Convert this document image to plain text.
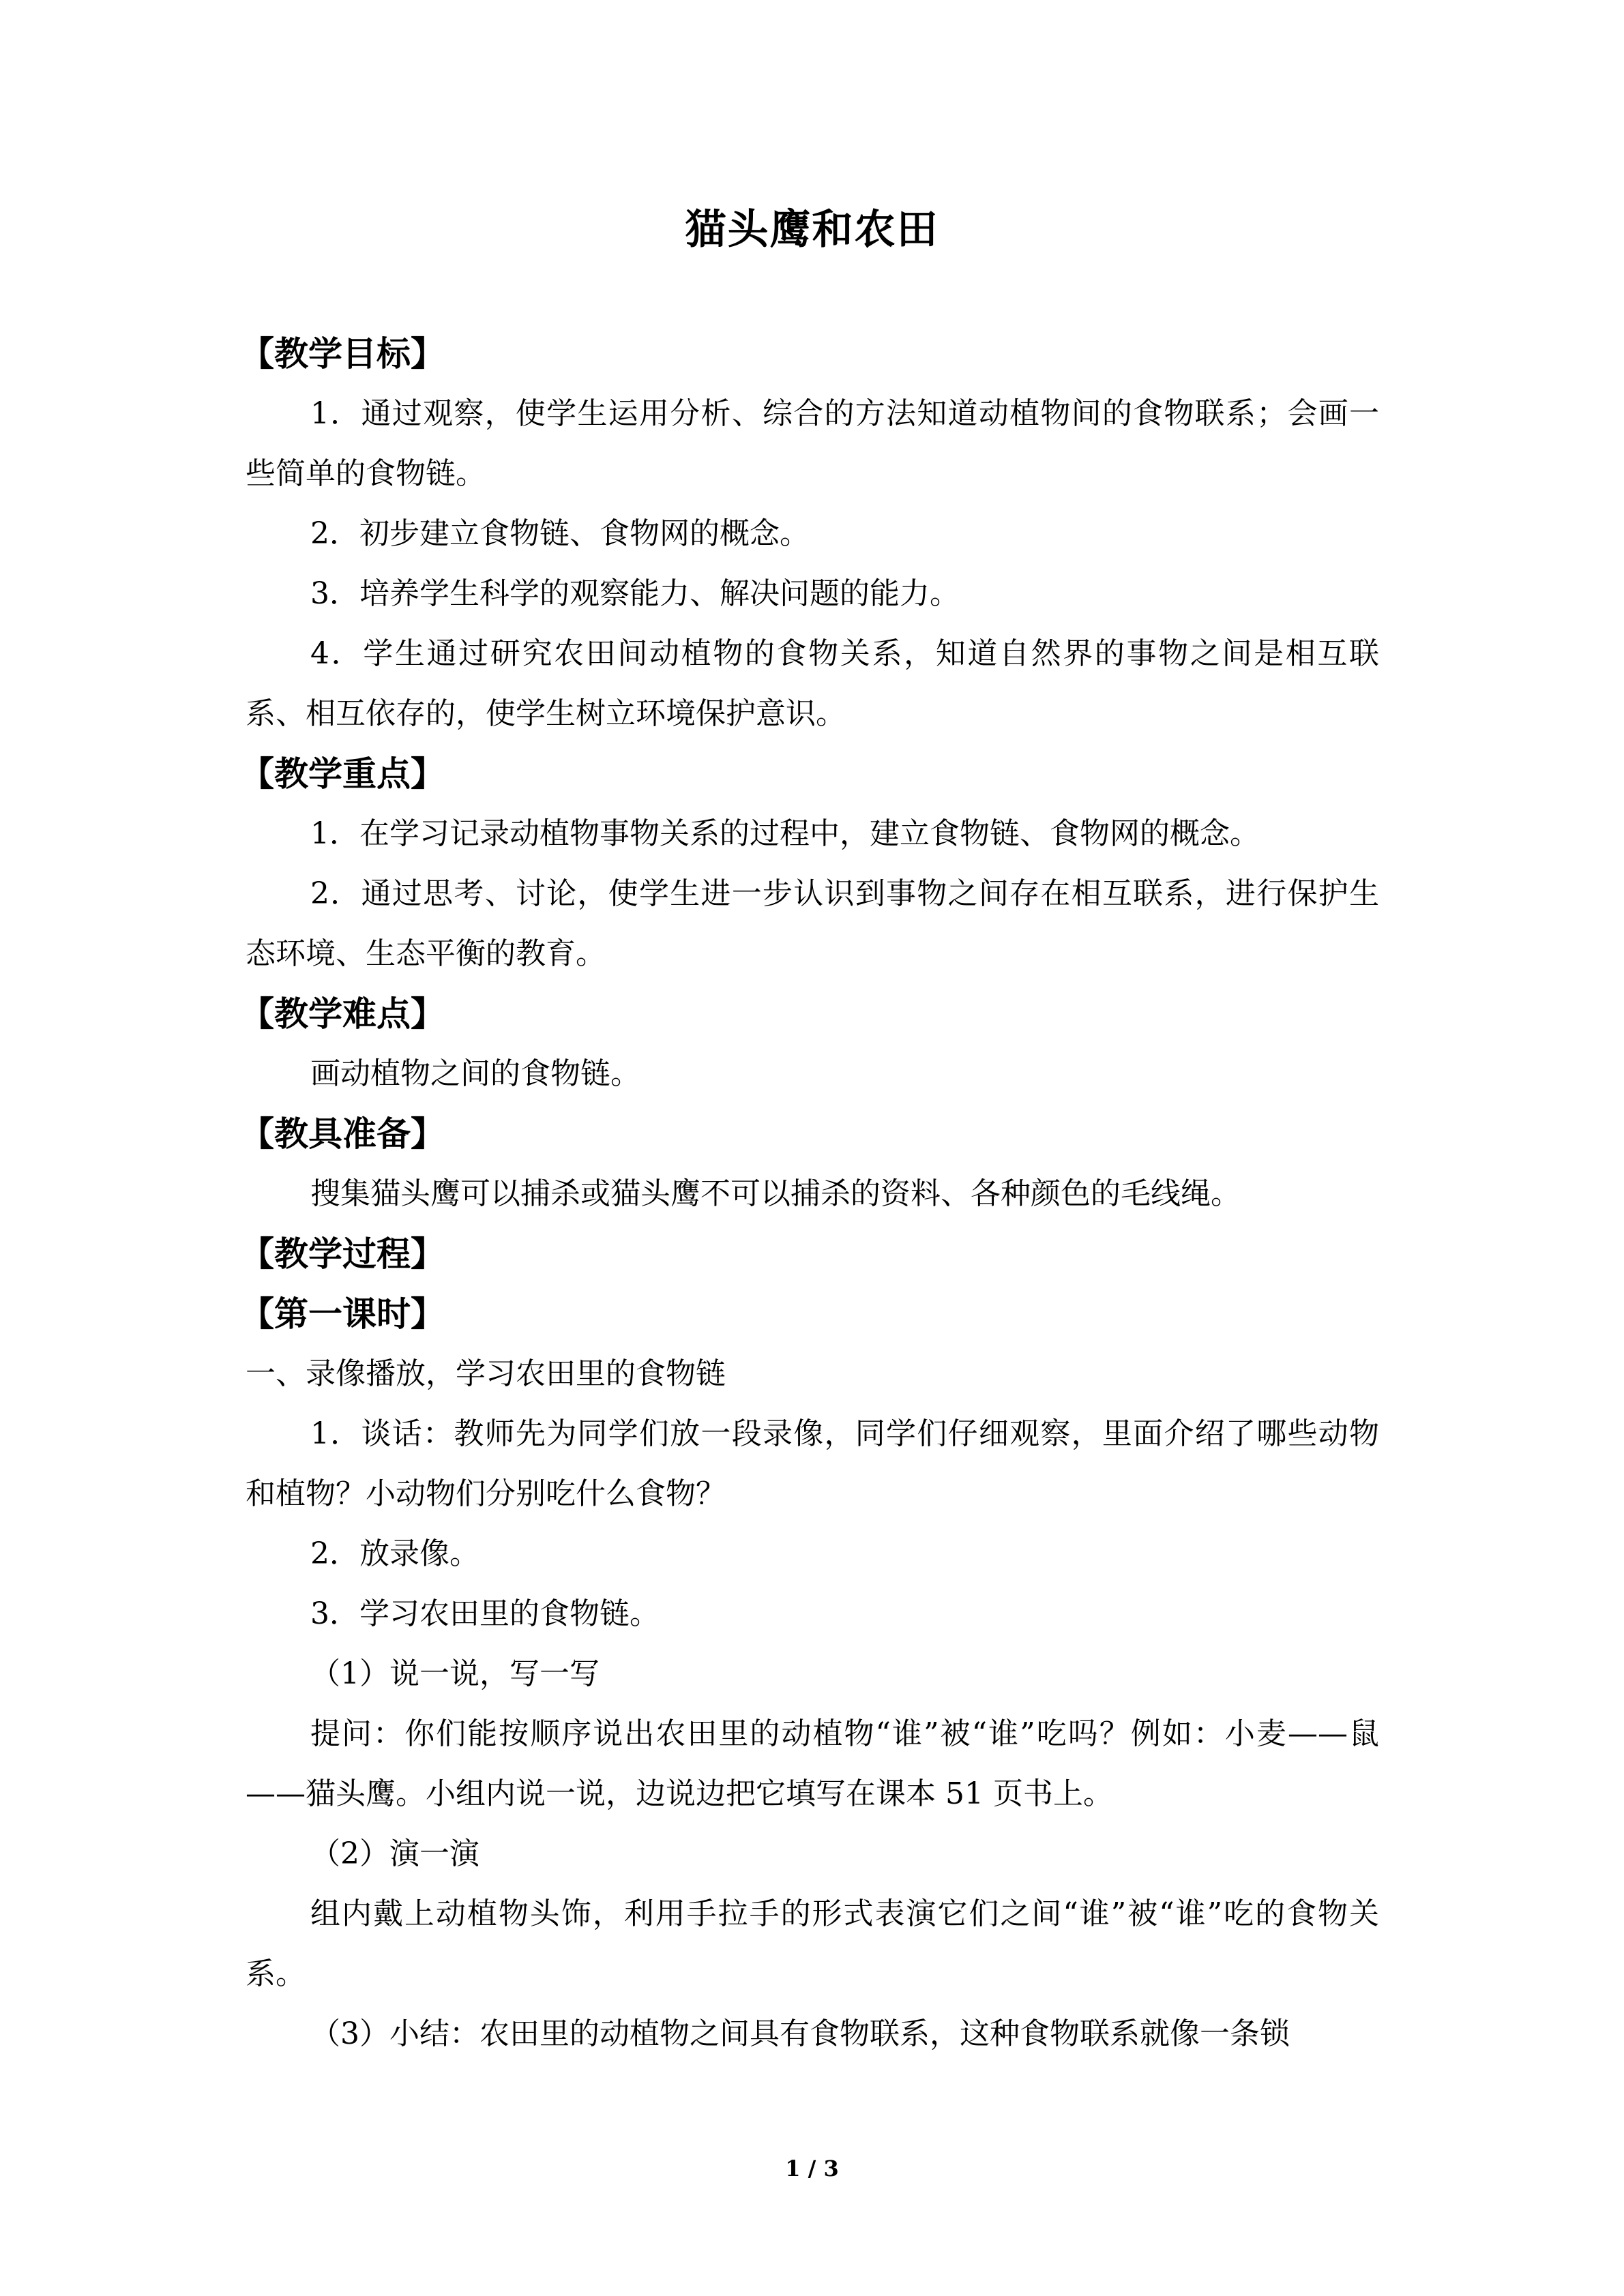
猫头鹰和农田
【教学目标】

1．通过观察，使学生运用分析、综合的方法知道动植物间的食物联系；会画一些简单的食物链。

2．初步建立食物链、食物网的概念。

3．培养学生科学的观察能力、解决问题的能力。

4．学生通过研究农田间动植物的食物关系，知道自然界的事物之间是相互联系、相互依存的，使学生树立环境保护意识。

【教学重点】

1．在学习记录动植物事物关系的过程中，建立食物链、食物网的概念。

2．通过思考、讨论，使学生进一步认识到事物之间存在相互联系，进行保护生态环境、生态平衡的教育。

【教学难点】

画动植物之间的食物链。

【教具准备】

搜集猫头鹰可以捕杀或猫头鹰不可以捕杀的资料、各种颜色的毛线绳。

【教学过程】
【第一课时】

一、录像播放，学习农田里的食物链

1．谈话：教师先为同学们放一段录像，同学们仔细观察，里面介绍了哪些动物和植物？小动物们分别吃什么食物？

2．放录像。

3．学习农田里的食物链。

（1）说一说，写一写

提问：你们能按顺序说出农田里的动植物“谁”被“谁”吃吗？例如：小麦——鼠——猫头鹰。小组内说一说，边说边把它填写在课本 51 页书上。

（2）演一演

组内戴上动植物头饰，利用手拉手的形式表演它们之间“谁”被“谁”吃的食物关系。

（3）小结：农田里的动植物之间具有食物联系，这种食物联系就像一条锁

1 / 3
